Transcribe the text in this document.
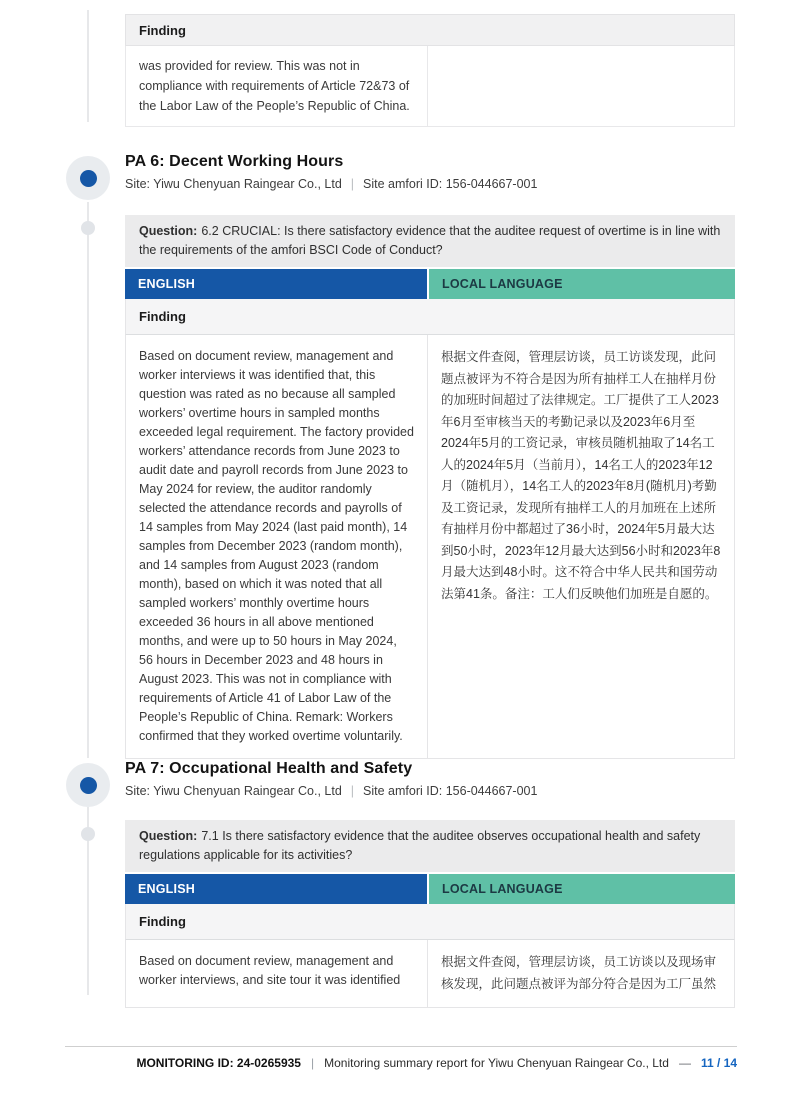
Finding
was provided for review. This was not in compliance with requirements of Article 72&73 of the Labor Law of the People’s Republic of China.
PA 6: Decent Working Hours
Site: Yiwu Chenyuan Raingear Co., Ltd | Site amfori ID: 156-044667-001
Question: 6.2 CRUCIAL: Is there satisfactory evidence that the auditee request of overtime is in line with the requirements of the amfori BSCI Code of Conduct?
ENGLISH	LOCAL LANGUAGE
Finding
Based on document review, management and worker interviews it was identified that, this question was rated as no because all sampled workers’ overtime hours in sampled months exceeded legal requirement. The factory provided workers’ attendance records from June 2023 to audit date and payroll records from June 2023 to May 2024 for review, the auditor randomly selected the attendance records and payrolls of 14 samples from May 2024 (last paid month), 14 samples from December 2023 (random month), and 14 samples from August 2023 (random month), based on which it was noted that all sampled workers’ monthly overtime hours exceeded 36 hours in all above mentioned months, and were up to 50 hours in May 2024, 56 hours in December 2023 and 48 hours in August 2023. This was not in compliance with requirements of Article 41 of Labor Law of the People’s Republic of China. Remark: Workers confirmed that they worked overtime voluntarily.
根据文件查阅，管理层访谈，员工访谈发现，此问题点被评为不符合是因为所有抽样工人在抽样月份的加班时间超过了法律规定。工厂提供了工人2023年6月至审核当天的考勤记录以及2023年6月至2024年5月的工资记录，审核员随机抽取了14名工人的2024年5月（当前月），14名工人的2023年12月（随机月），14名工人的2023年8月(随机月)考勤及工资记录，发现所有抽样工人的月加班在上述所有抽样月份中都超过了36小时，2024年5月最大达到50小时，2023年12月最大达到56小时和2023年8月最大达到48小时。这不符合中华人民共和国劳动法第41条。备注：工人们反映他们加班是自愿的。
PA 7: Occupational Health and Safety
Site: Yiwu Chenyuan Raingear Co., Ltd | Site amfori ID: 156-044667-001
Question: 7.1 Is there satisfactory evidence that the auditee observes occupational health and safety regulations applicable for its activities?
ENGLISH	LOCAL LANGUAGE
Finding
Based on document review, management and worker interviews, and site tour it was identified
根据文件查阅，管理层访谈，员工访谈以及现场审核发现，此问题点被评为部分符合是因为工厂虽然
MONITORING ID: 24-0265935 | Monitoring summary report for Yiwu Chenyuan Raingear Co., Ltd — 11 / 14
